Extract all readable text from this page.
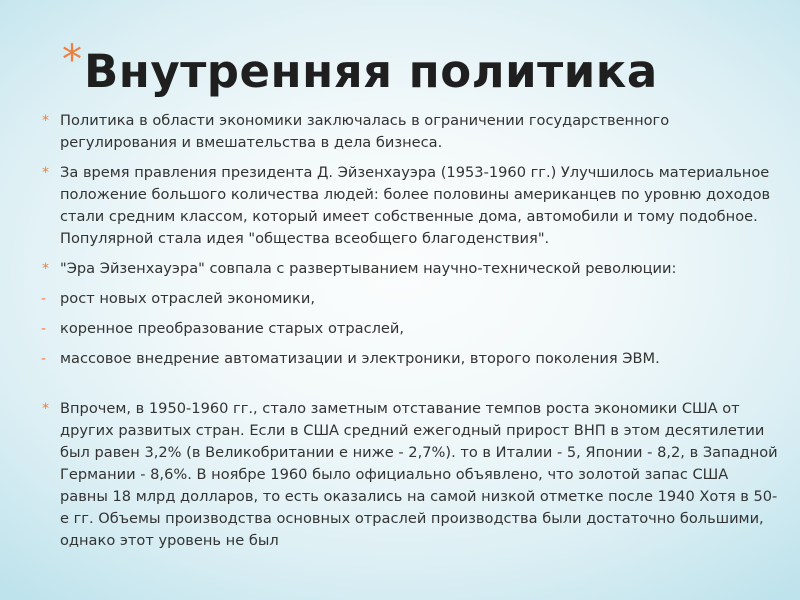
* Внутренняя политика

* Политика в области экономики заключалась в ограничении государственного регулирования и вмешательства в дела бизнеса.

* За время правления президента Д. Эйзенхауэра (1953-1960 гг.) Улучшилось материальное положение большого количества людей: более половины американцев по уровню доходов стали средним классом, который имеет собственные дома, автомобили и тому подобное. Популярной стала идея "общества всеобщего благоденствия".

* "Эра Эйзенхауэра" совпала с развертыванием научно-технической революции:

- рост новых отраслей экономики,

- коренное преобразование старых отраслей,

- массовое внедрение автоматизации и электроники, второго поколения ЭВМ.

* Впрочем, в 1950-1960 гг., стало заметным отставание темпов роста экономики США от других развитых стран. Если в США средний ежегодный прирост ВНП в этом десятилетии был равен 3,2% (в Великобритании е ниже - 2,7%). то в Италии - 5, Японии - 8,2, в Западной Германии - 8,6%. В ноябре 1960 было официально объявлено, что золотой запас США равны 18 млрд долларов, то есть оказались на самой низкой отметке после 1940 Хотя в 50-е гг. Объемы производства основных отраслей производства были достаточно большими, однако этот уровень не был
